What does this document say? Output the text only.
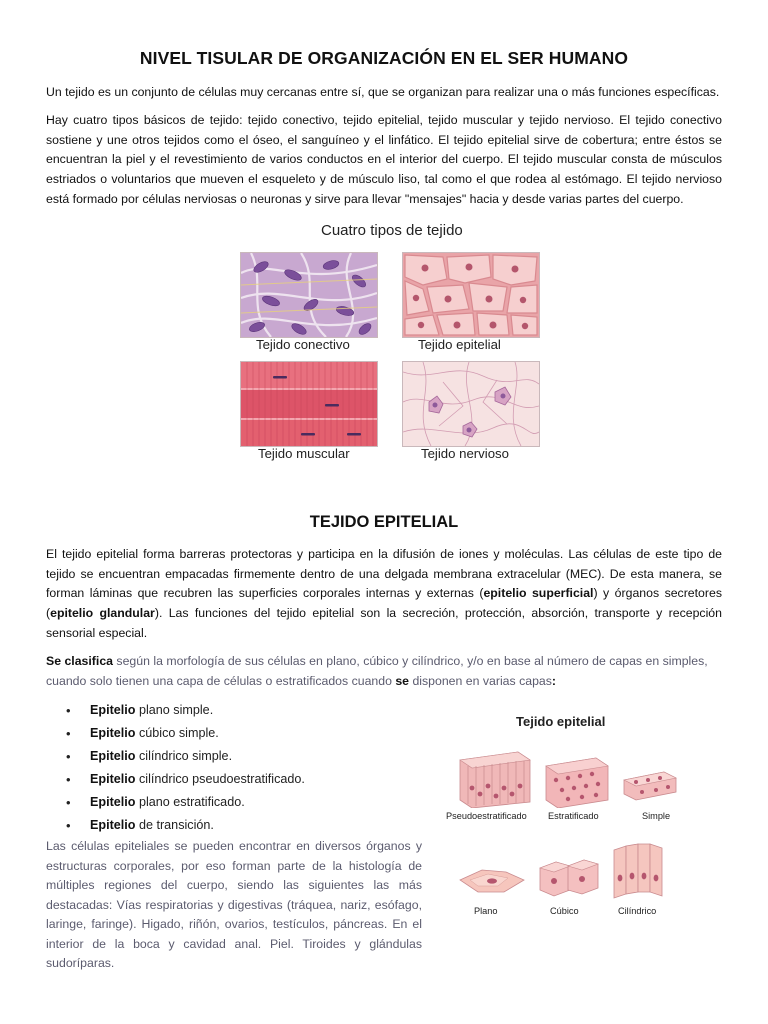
NIVEL TISULAR DE ORGANIZACIÓN EN EL SER HUMANO

Un tejido es un conjunto de células muy cercanas entre sí, que se organizan para realizar una o más funciones específicas.

Hay cuatro tipos básicos de tejido: tejido conectivo, tejido epitelial, tejido muscular y tejido nervioso. El tejido conectivo sostiene y une otros tejidos como el óseo, el sanguíneo y el linfático. El tejido epitelial sirve de cobertura; entre éstos se encuentran la piel y el revestimiento de varios conductos en el interior del cuerpo. El tejido muscular consta de músculos estriados o voluntarios que mueven el esqueleto y de músculo liso, tal como el que rodea al estómago. El tejido nervioso está formado por células nerviosas o neuronas y sirve para llevar "mensajes" hacia y desde varias partes del cuerpo.

Cuatro tipos de tejido
Tejido conectivo	Tejido epitelial
Tejido muscular	Tejido nervioso
TEJIDO EPITELIAL

El tejido epitelial forma barreras protectoras y participa en la difusión de iones y moléculas. Las células de este tipo de tejido se encuentran empacadas firmemente dentro de una delgada membrana extracelular (MEC). De esta manera, se forman láminas que recubren las superficies corporales internas y externas (epitelio superficial) y órganos secretores (epitelio glandular). Las funciones del tejido epitelial son la secreción, protección, absorción, transporte y recepción sensorial especial.

Se clasifica según la morfología de sus células en plano, cúbico y cilíndrico, y/o en base al número de capas en simples, cuando solo tienen una capa de células o estratificados cuando se disponen en varias capas:

• Epitelio plano simple.
• Epitelio cúbico simple.
• Epitelio cilíndrico simple.
• Epitelio cilíndrico pseudoestratificado.
• Epitelio plano estratificado.
• Epitelio de transición.

Las células epiteliales se pueden encontrar en diversos órganos y estructuras corporales, por eso forman parte de la histología de múltiples regiones del cuerpo, siendo las siguientes las más destacadas: Vías respiratorias y digestivas (tráquea, nariz, esófago, laringe, faringe). Higado, riñón, ovarios, testículos, páncreas. En el interior de la boca y cavidad anal. Piel. Tiroides y glándulas sudoríparas.

Tejido epitelial
Pseudoestratificado Estratificado	Simple
Plano	Cúbico	Cilíndrico
